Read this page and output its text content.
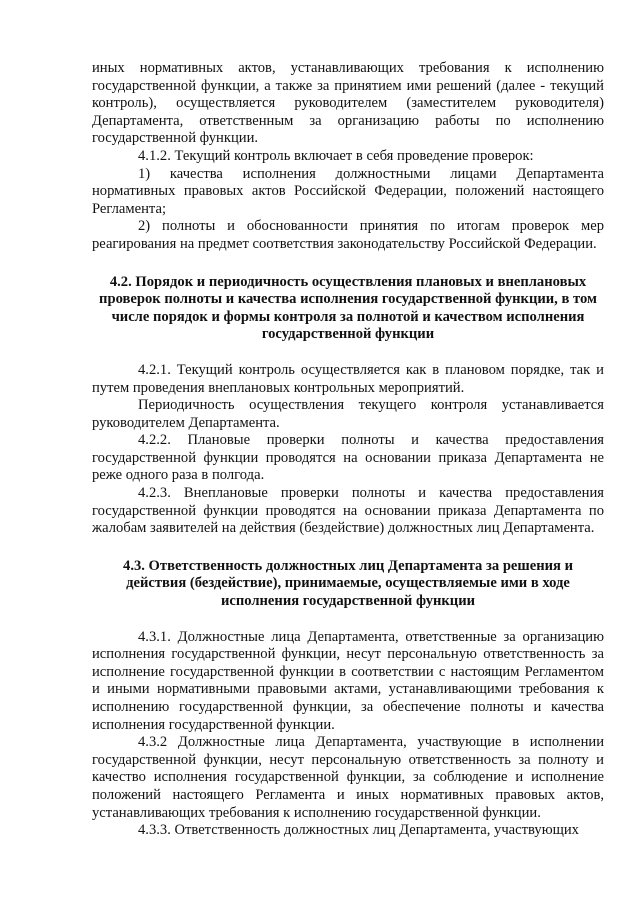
иных нормативных актов, устанавливающих требования к исполнению государственной функции, а также за принятием ими решений (далее - текущий контроль), осуществляется руководителем (заместителем руководителя) Департамента, ответственным за организацию работы по исполнению государственной функции.

4.1.2. Текущий контроль включает в себя проведение проверок:

1) качества исполнения должностными лицами Департамента нормативных правовых актов Российской Федерации, положений настоящего Регламента;

2) полноты и обоснованности принятия по итогам проверок мер реагирования на предмет соответствия законодательству Российской Федерации.

4.2. Порядок и периодичность осуществления плановых и внеплановых проверок полноты и качества исполнения государственной функции, в том числе порядок и формы контроля за полнотой и качеством исполнения государственной функции

4.2.1. Текущий контроль осуществляется как в плановом порядке, так и путем проведения внеплановых контрольных мероприятий.

Периодичность осуществления текущего контроля устанавливается руководителем Департамента.

4.2.2. Плановые проверки полноты и качества предоставления государственной функции проводятся на основании приказа Департамента не реже одного раза в полгода.

4.2.3. Внеплановые проверки полноты и качества предоставления государственной функции проводятся на основании приказа Департамента по жалобам заявителей на действия (бездействие) должностных лиц Департамента.

4.3. Ответственность должностных лиц Департамента за решения и действия (бездействие), принимаемые, осуществляемые ими в ходе исполнения государственной функции

4.3.1. Должностные лица Департамента, ответственные за организацию исполнения государственной функции, несут персональную ответственность за исполнение государственной функции в соответствии с настоящим Регламентом и иными нормативными правовыми актами, устанавливающими требования к исполнению государственной функции, за обеспечение полноты и качества исполнения государственной функции.

4.3.2 Должностные лица Департамента, участвующие в исполнении государственной функции, несут персональную ответственность за полноту и качество исполнения государственной функции, за соблюдение и исполнение положений настоящего Регламента и иных нормативных правовых актов, устанавливающих требования к исполнению государственной функции.

4.3.3. Ответственность должностных лиц Департамента, участвующих
